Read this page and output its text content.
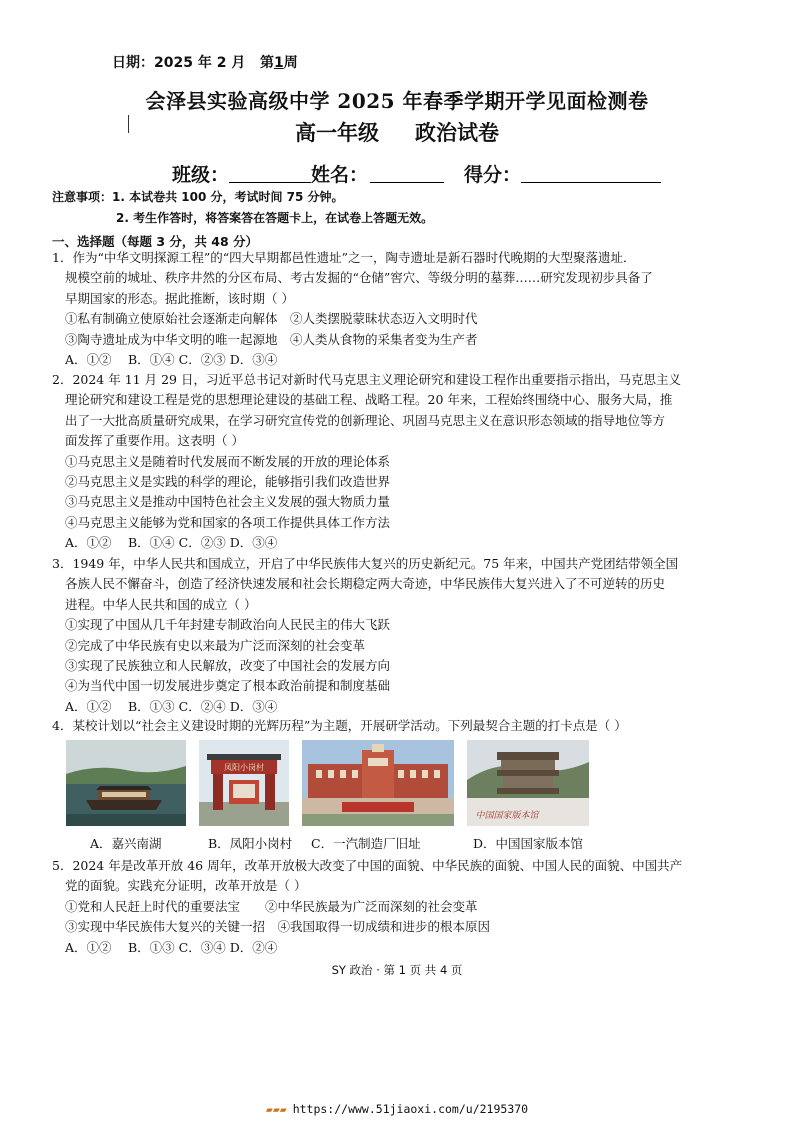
日期：2025 年 2 月 第1周
会泽县实验高级中学 2025 年春季学期开学见面检测卷
高一年级 政治试卷
班级：	姓名：	得分：
注意事项：1. 本试卷共 100 分，考试时间 75 分钟。
2. 考生作答时，将答案答在答题卡上，在试卷上答题无效。
一、选择题（每题 3 分，共 48 分）
1．作为“中华文明探源工程”的“四大早期都邑性遗址”之一，陶寺遗址是新石器时代晚期的大型聚落遗址．
规模空前的城址、秩序井然的分区布局、考古发掘的“仓储”窖穴、等级分明的墓葬……研究发现初步具备了
早期国家的形态。据此推断，该时期（ ）
①私有制确立使原始社会逐渐走向解体　②人类摆脱蒙昧状态迈入文明时代
③陶寺遗址成为中华文明的唯一起源地　④人类从食物的采集者变为生产者
A．①②　 B．①④ C．②③ D．③④
2．2024 年 11 月 29 日，习近平总书记对新时代马克思主义理论研究和建设工程作出重要指示指出，马克思主义
理论研究和建设工程是党的思想理论建设的基础工程、战略工程。20 年来，工程始终围绕中心、服务大局，推
出了一大批高质量研究成果，在学习研究宣传党的创新理论、巩固马克思主义在意识形态领域的指导地位等方
面发挥了重要作用。这表明（ ）
①马克思主义是随着时代发展而不断发展的开放的理论体系
②马克思主义是实践的科学的理论，能够指引我们改造世界
③马克思主义是推动中国特色社会主义发展的强大物质力量
④马克思主义能够为党和国家的各项工作提供具体工作方法
A．①②　 B．①④ C．②③ D．③④
3．1949 年，中华人民共和国成立，开启了中华民族伟大复兴的历史新纪元。75 年来，中国共产党团结带领全国
各族人民不懈奋斗，创造了经济快速发展和社会长期稳定两大奇迹，中华民族伟大复兴进入了不可逆转的历史
进程。中华人民共和国的成立（ ）
①实现了中国从几千年封建专制政治向人民民主的伟大飞跃
②完成了中华民族有史以来最为广泛而深刻的社会变革
③实现了民族独立和人民解放，改变了中国社会的发展方向
④为当代中国一切发展进步奠定了根本政治前提和制度基础
A．①②　 B．①③ C．②④ D．③④
4．某校计划以“社会主义建设时期的光辉历程”为主题，开展研学活动。下列最契合主题的打卡点是（ ）
凤阳小岗村
中国国家版本馆
A．嘉兴南湖	B．凤阳小岗村 C．一汽制造厂旧址	D．中国国家版本馆
5．2024 年是改革开放 46 周年，改革开放极大改变了中国的面貌、中华民族的面貌、中国人民的面貌、中国共产
党的面貌。实践充分证明，改革开放是（ ）
①党和人民赶上时代的重要法宝　　②中华民族最为广泛而深刻的社会变革
③实现中华民族伟大复兴的关键一招　④我国取得一切成绩和进步的根本原因
A．①②　 B．①③ C．③④ D．②④
SY 政治 · 第 1 页 共 4 页
▰▰▰ https://www.51jiaoxi.com/u/2195370
